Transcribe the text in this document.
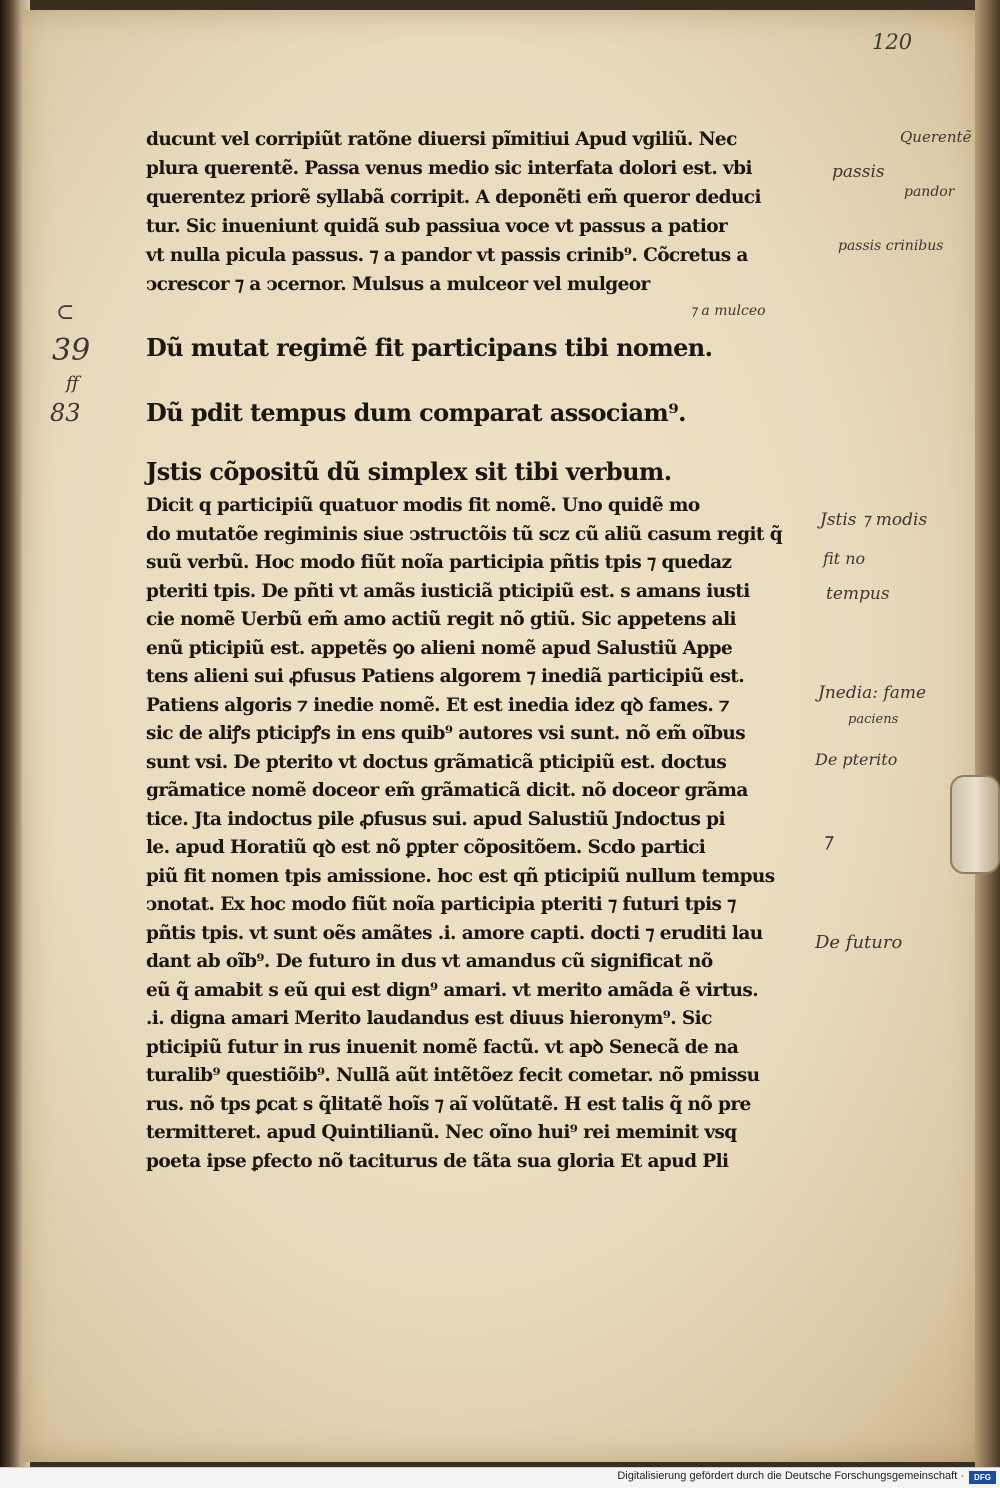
120

ducunt vel corripiũt ratõne diuersi pĩmitiui Apud vgiliũ. Nec
plura querentẽ. Passa venus medio sic interfata dolori est. vbi
querentez priorẽ syllabã corripit. A deponẽti em̃ queror deduci
tur. Sic inueniunt quidã sub passiua voce vt passus a patior
vt nulla picula passus. ⁊ a pandor vt passis crinib⁹. Cõcretus a
ↄcrescor ⁊ a ↄcernor. Mulsus a mulceor vel mulgeor

Dũ mutat regimẽ fit participans tibi nomen.

Dũ pdit tempus dum comparat associam⁹.

Jstis cõpositũ dũ simplex sit tibi verbum.

Dicit q participiũ quatuor modis fit nomẽ. Uno quidẽ mo
do mutatõe regiminis siue ↄstructõis tũ scz cũ aliũ casum regit q̃
suũ verbũ. Hoc modo fiũt noĩa participia pñtis tpis ⁊ quedaz
pteriti tpis. De pñti vt amãs iusticiã pticipiũ est. s amans iusti
cie nomẽ Uerbũ em̃ amo actiũ regit nõ gtiũ. Sic appetens ali
enũ pticipiũ est. appetẽs ꝯo alieni nomẽ apud Salustiũ Appe
tens alieni sui ꝓfusus Patiens algorem ⁊ inediã participiũ est.
Patiens algoris ⁊ inedie nomẽ. Et est inedia idez qꝺ fames. ⁊
sic de aliꝭs pticipꝭs in ens quib⁹ autores vsi sunt. nõ em̃ oĩbus
sunt vsi. De pterito vt doctus grãmaticã pticipiũ est. doctus
grãmatice nomẽ doceor em̃ grãmaticã dicit. nõ doceor grãma
tice. Jta indoctus pile ꝓfusus sui. apud Salustiũ Jndoctus pi
le. apud Horatiũ qꝺ est nõ ꝑpter cõpositõem. Scdo partici
piũ fit nomen tpis amissione. hoc est qñ pticipiũ nullum tempus
ↄnotat. Ex hoc modo fiũt noĩa participia pteriti ⁊ futuri tpis ⁊
pñtis tpis. vt sunt oẽs amãtes .i. amore capti. docti ⁊ eruditi lau
dant ab oĩb⁹. De futuro in dus vt amandus cũ significat nõ
eũ q̃ amabit s eũ qui est dign⁹ amari. vt merito amãda ẽ virtus.
.i. digna amari Merito laudandus est diuus hieronym⁹. Sic
pticipiũ futur in rus inuenit nomẽ factũ. vt apꝺ Senecã de na
turalib⁹ questiõib⁹. Nullã aũt intẽtõez fecit cometar. nõ pmissu
rus. nõ tps ꝑcat s q̃litatẽ hoĩs ⁊ aĩ volũtatẽ. H est talis q̃ nõ pre
termitteret. apud Quintilianũ. Nec oĩno hui⁹ rei meminit vsq
poeta ipse ꝑfecto nõ taciturus de tãta sua gloria Et apud Pli

Querentẽ

passis

pandor

passis crinibus

⁊ a mulceo

Jstis ⁊ modis

fit no

tempus

Jnedia: fame

paciens

De pterito

⁊

De futuro

⊂

39

ff

83

Digitalisierung gefördert durch die Deutsche Forschungsgemeinschaft ·	DFG
